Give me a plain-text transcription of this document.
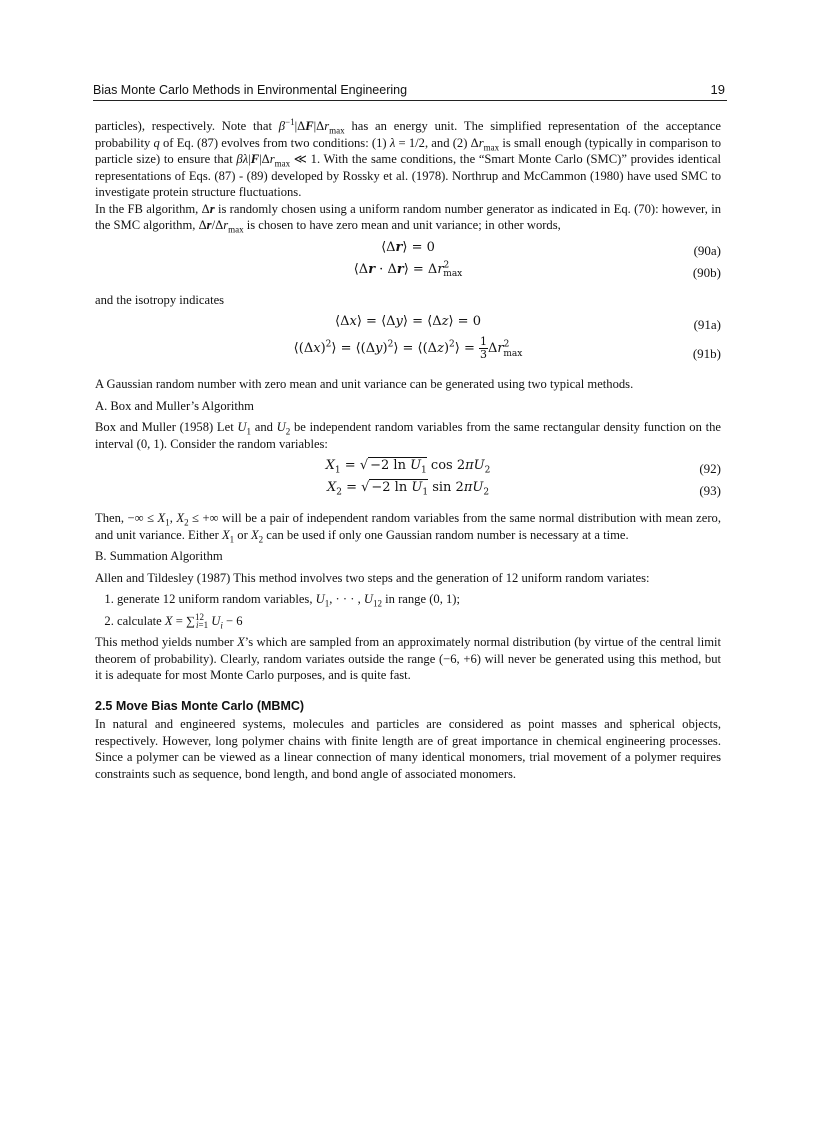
Bias Monte Carlo Methods in Environmental Engineering	19

particles), respectively. Note that $\beta^{-1}|\Delta F|\Delta r_{max}$ has an energy unit. The simplified representation of the acceptance probability q of Eq. (87) evolves from two conditions: (1) λ = 1/2, and (2) $\Delta r_{max}$ is small enough (typically in comparison to particle size) to ensure that $\beta\lambda|F|\Delta r_{max}$ ≪ 1. With the same conditions, the “Smart Monte Carlo (SMC)” provides identical representations of Eqs. (87) - (89) developed by Rossky et al. (1978). Northrup and McCammon (1980) have used SMC to investigate protein structure fluctuations.
In the FB algorithm, Δr is randomly chosen using a uniform random number generator as indicated in Eq. (70): however, in the SMC algorithm, $\Delta r/\Delta r_{max}$ is chosen to have zero mean and unit variance; in other words,

⟨Δr⟩ = 0	(90a)
⟨Δr · Δr⟩ = $\Delta r^2_{max}$	(90b)

and the isotropy indicates

⟨Δx⟩ = ⟨Δy⟩ = ⟨Δz⟩ = 0	(91a)
$⟨(\Delta x)^2⟩$ = $⟨(\Delta y)^2⟩$ = $⟨(\Delta z)^2⟩ = \frac{1}{3} \Delta r^2_{max}$	(91b)

A Gaussian random number with zero mean and unit variance can be generated using two typical methods.

A. Box and Muller’s Algorithm

Box and Muller (1958) Let $U_1$ and $U_2$ be independent random variables from the same rectangular density function on the interval (0, 1). Consider the random variables:

$X_1$ = √ −2 $\ln U_1$ $\cos 2\pi U_2$	(92)
$X_2$ = √ −2 $\ln U_1$ $\sin 2\pi U_2$	(93)

Then, −∞ ≤ $X_1$, $X_2$ ≤ +∞ will be a pair of independent random variables from the same normal distribution with mean zero, and unit variance. Either $X_1$ or $X_2$ can be used if only one Gaussian random number is necessary at a time.

B. Summation Algorithm

Allen and Tildesley (1987) This method involves two steps and the generation of 12 uniform random variates:

1. generate 12 uniform random variables, $U_1$, · · · , $U_{12}$ in range (0, 1);
2. calculate X = ∑$^{12}_{i=1}$ $U_i - 6$

This method yields number X’s which are sampled from an approximately normal distribution (by virtue of the central limit theorem of probability). Clearly, random variates outside the range (−6, +6) will never be generated using this method, but it is adequate for most Monte Carlo purposes, and is quite fast.

2.5 Move Bias Monte Carlo (MBMC)

In natural and engineered systems, molecules and particles are considered as point masses and spherical objects, respectively. However, long polymer chains with finite length are of great importance in chemical engineering processes. Since a polymer can be viewed as a linear connection of many identical monomers, trial movement of a polymer requires constraints such as sequence, bond length, and bond angle of associated monomers.
